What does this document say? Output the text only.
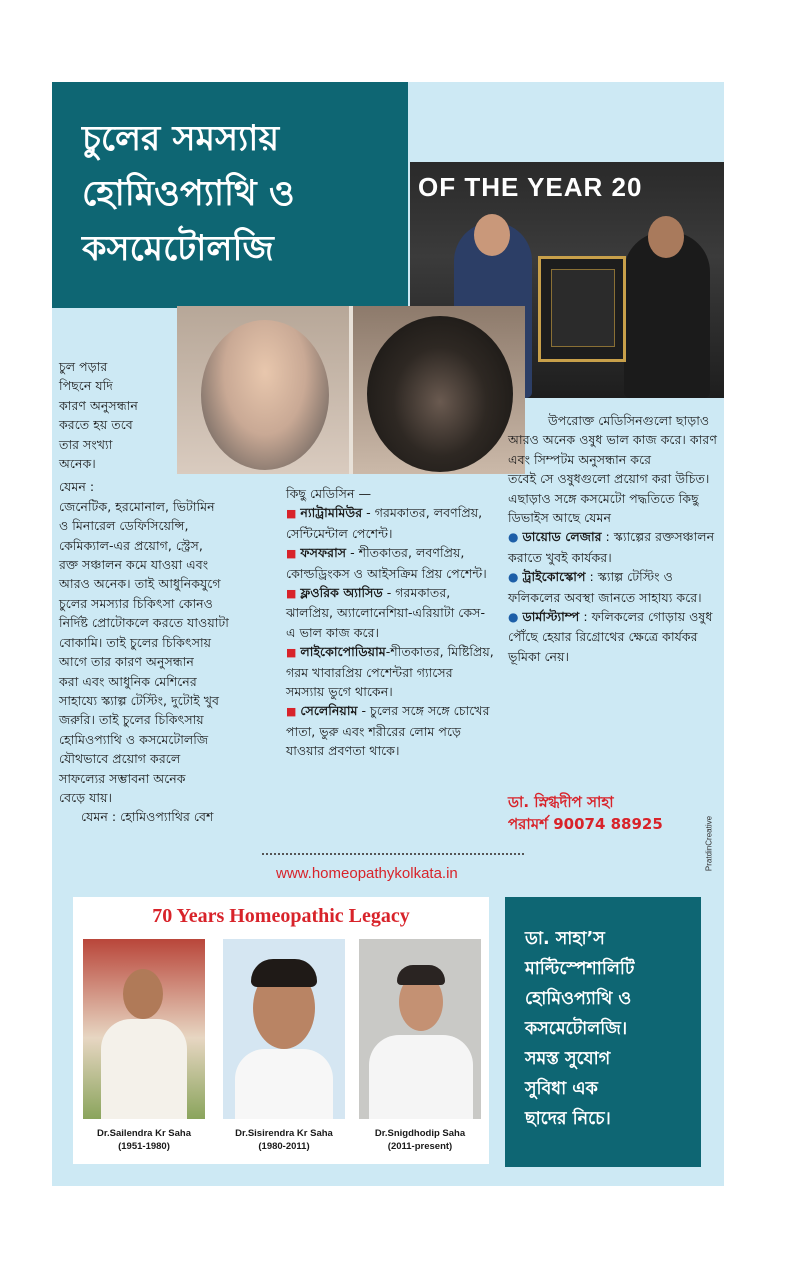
চুলের সমস্যায়
হোমিওপ্যাথি ও
কসমেটোলজি
OF THE YEAR 20
চুল পড়ার
পিছনে যদি
কারণ অনুসন্ধান
করতে হয় তবে
তার সংখ্যা
অনেক।
যেমন :
জেনেটিক, হরমোনাল, ভিটামিন
ও মিনারেল ডেফিসিয়েন্সি,
কেমিক্যাল-এর প্রয়োগ, স্ট্রেস,
রক্ত সঞ্চালন কমে যাওয়া এবং
আরও অনেক। তাই আধুনিকযুগে
চুলের সমস্যার চিকিৎসা কোনও
নির্দিষ্ট প্রোটোকলে করতে যাওয়াটা
বোকামি। তাই চুলের চিকিৎসায়
আগে তার কারণ অনুসন্ধান
করা এবং আধুনিক মেশিনের
সাহায্যে স্ক্যাল্প টেস্টিং, দুটোই খুব
জরুরি। তাই চুলের চিকিৎসায়
হোমিওপ্যাথি ও কসমেটোলজি
যৌথভাবে প্রয়োগ করলে
সাফল্যের সম্ভাবনা অনেক
বেড়ে যায়।
যেমন : হোমিওপ্যাথির বেশ
কিছু মেডিসিন —
■ ন্যাট্রামমিউর - গরমকাতর, লবণপ্রিয়, সেন্টিমেন্টাল পেশেন্ট।
■ ফসফরাস - শীতকাতর, লবণপ্রিয়, কোল্ডড্রিংকস ও আইসক্রিম প্রিয় পেশেন্ট।
■ ফ্লওরিক অ্যাসিড - গরমকাতর, ঝালপ্রিয়, অ্যালোনেশিয়া-এরিয়াটা কেস-এ ভাল কাজ করে।
■ লাইকোপোডিয়াম-শীতকাতর, মিষ্টিপ্রিয়, গরম খাবারপ্রিয় পেশেন্টরা গ্যাসের সমস্যায় ভুগে থাকেন।
■ সেলেনিয়াম - চুলের সঙ্গে সঙ্গে চোখের পাতা, ভুরু এবং শরীরের লোম পড়ে যাওয়ার প্রবণতা থাকে।
উপরোক্ত মেডিসিনগুলো ছাড়াও আরও অনেক ওষুধ ভাল কাজ করে। কারণ এবং সিম্পটম অনুসন্ধান করে
তবেই সে ওষুধগুলো প্রয়োগ করা উচিত।
এছাড়াও সঙ্গে কসমেটো পদ্ধতিতে কিছু ডিভাইস আছে যেমন
● ডায়োড লেজার : স্ক্যাল্পের রক্তসঞ্চালন করাতে খুবই কার্যকর।
● ট্রাইকোস্কোপ : স্ক্যাল্প টেস্টিং ও ফলিকলের অবস্থা জানতে সাহায্য করে।
● ডার্মাস্ট্যাম্প : ফলিকলের গোড়ায় ওষুধ পৌঁছে হেয়ার রিগ্রোথের ক্ষেত্রে কার্যকর ভূমিকা নেয়।
ডা. স্নিগ্ধদীপ সাহা
পরামর্শ 90074 88925	PratdinCreative
www.homeopathykolkata.in
70 Years Homeopathic Legacy
Dr.Sailendra Kr Saha
(1951-1980)
Dr.Sisirendra Kr Saha
(1980-2011)
Dr.Snigdhodip Saha
(2011-present)
ডা. সাহা’স
মাল্টিস্পেশালিটি
হোমিওপ্যাথি ও
কসমেটোলজি।
সমস্ত সুযোগ
সুবিধা এক
ছাদের নিচে।
